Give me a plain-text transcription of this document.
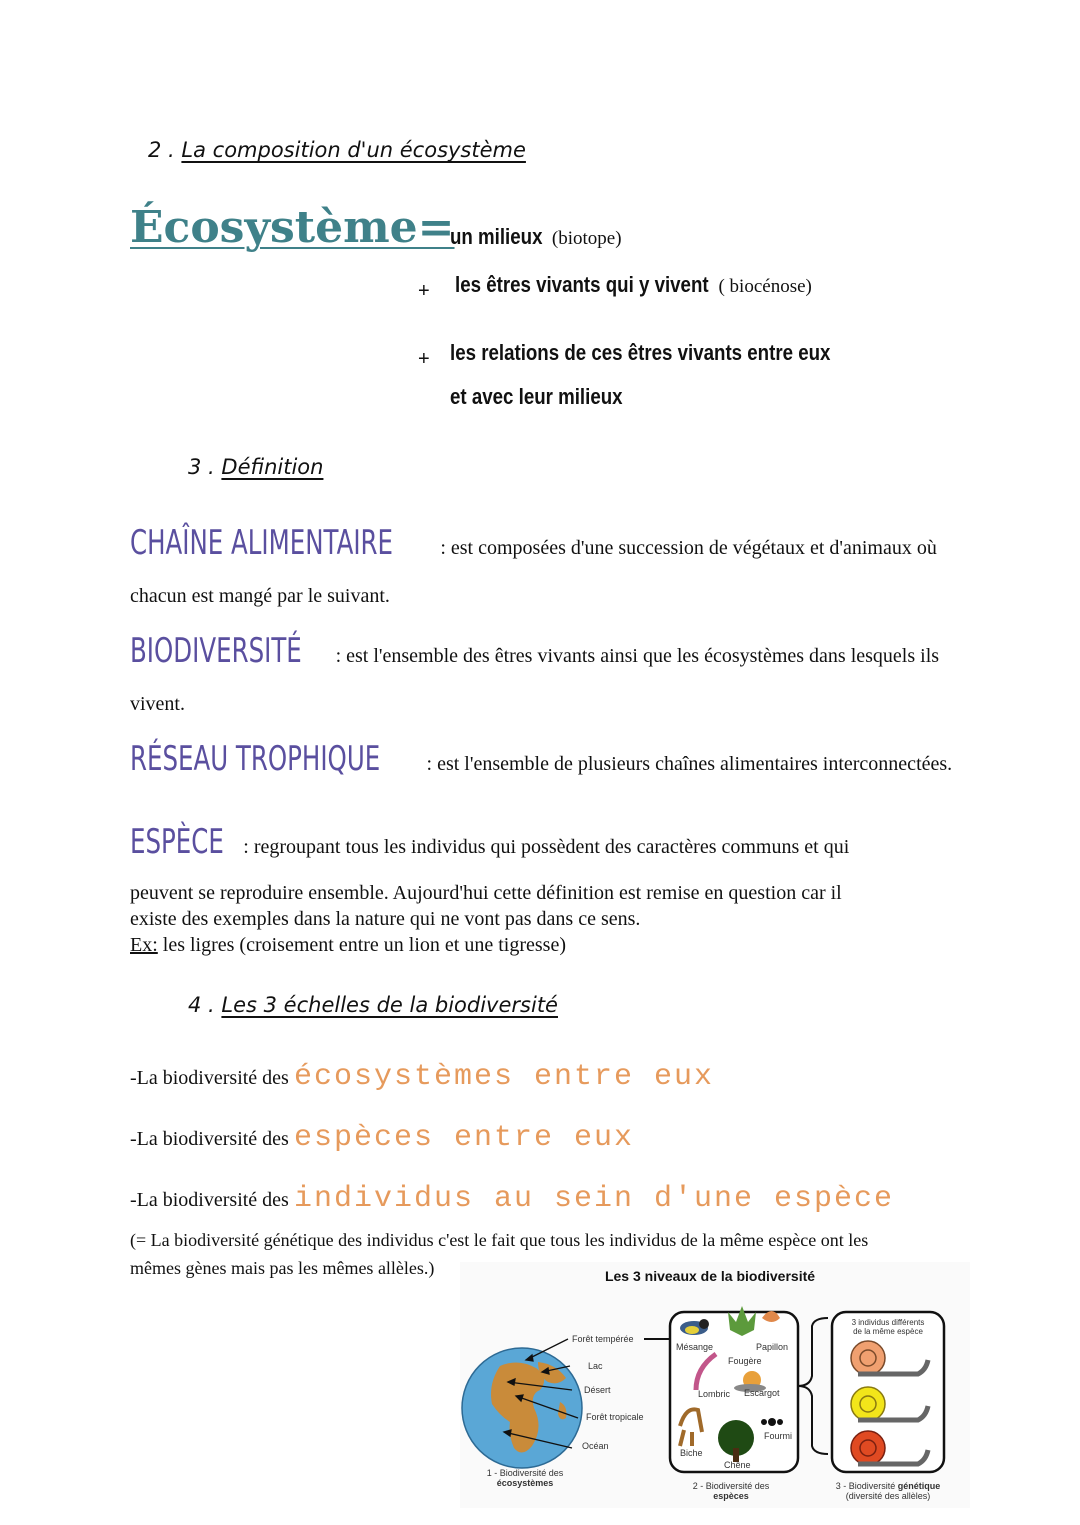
2 . La composition d'un écosystème
Écosystème=
un milieux (biotope)
+ les êtres vivants qui y vivent ( biocénose)
+ les relations de ces êtres vivants entre eux
et avec leur milieux
3 . Définition
CHAÎNE ALIMENTAIRE : est composées d'une succession de végétaux et d'animaux où
chacun est mangé par le suivant.
BIODIVERSITÉ : est l'ensemble des êtres vivants ainsi que les écosystèmes dans lesquels ils
vivent.
RÉSEAU TROPHIQUE : est l'ensemble de plusieurs chaînes alimentaires interconnectées.
ESPÈCE : regroupant tous les individus qui possèdent des caractères communs et qui
peuvent se reproduire ensemble. Aujourd'hui cette définition est remise en question car il
existe des exemples dans la nature qui ne vont pas dans ce sens.
Ex: les ligres (croisement entre un lion et une tigresse)
4 . Les 3 échelles de la biodiversité
-La biodiversité des écosystèmes entre eux
-La biodiversité des espèces entre eux
-La biodiversité des individus au sein d'une espèce
(= La biodiversité génétique des individus c'est le fait que tous les individus de la même espèce ont les
mêmes gènes mais pas les mêmes allèles.)	Les 3 niveaux de la biodiversité
Forêt tempérée
Lac
Désert
Forêt tropicale
Océan
1 - Biodiversité des
écosystèmes
Mésange	Papillon
Fougère
Lombric Escargot
Fourmi
Biche
Chêne
2 - Biodiversité des
espèces
3 individus différents
de la même espèce
3 - Biodiversité génétique
(diversité des allèles)
